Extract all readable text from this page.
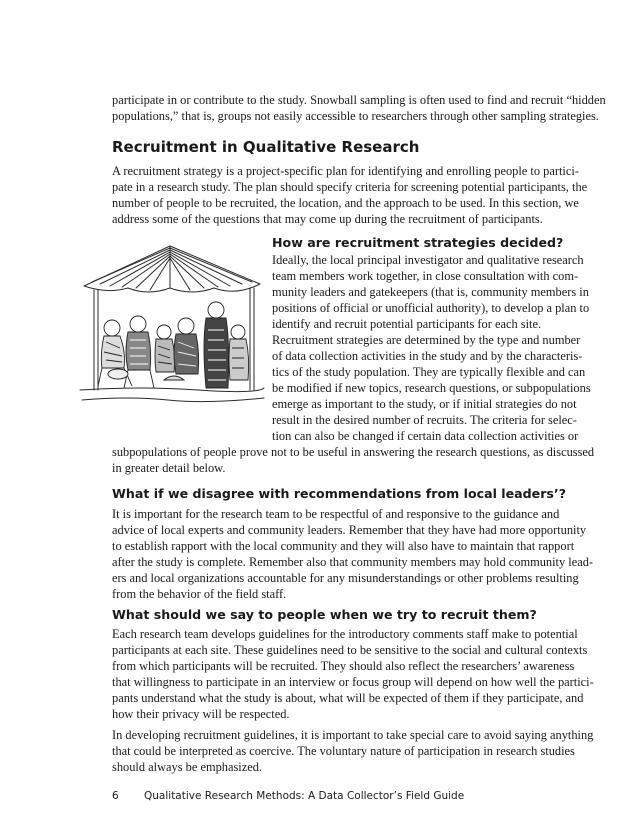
participate in or contribute to the study. Snowball sampling is often used to find and recruit “hidden
populations,” that is, groups not easily accessible to researchers through other sampling strategies.
Recruitment in Qualitative Research
A recruitment strategy is a project-specific plan for identifying and enrolling people to partici-
pate in a research study. The plan should specify criteria for screening potential participants, the
number of people to be recruited, the location, and the approach to be used. In this section, we
address some of the questions that may come up during the recruitment of participants.
How are recruitment strategies decided?
Ideally, the local principal investigator and qualitative research
team members work together, in close consultation with com-
munity leaders and gatekeepers (that is, community members in
positions of official or unofficial authority), to develop a plan to
identify and recruit potential participants for each site.
Recruitment strategies are determined by the type and number
of data collection activities in the study and by the characteris-
tics of the study population. They are typically flexible and can
be modified if new topics, research questions, or subpopulations
emerge as important to the study, or if initial strategies do not
result in the desired number of recruits. The criteria for selec-
tion can also be changed if certain data collection activities or
subpopulations of people prove not to be useful in answering the research questions, as discussed
in greater detail below.
What if we disagree with recommendations from local leaders’?
It is important for the research team to be respectful of and responsive to the guidance and
advice of local experts and community leaders. Remember that they have had more opportunity
to establish rapport with the local community and they will also have to maintain that rapport
after the study is complete. Remember also that community members may hold community lead-
ers and local organizations accountable for any misunderstandings or other problems resulting
from the behavior of the field staff.
What should we say to people when we try to recruit them?
Each research team develops guidelines for the introductory comments staff make to potential
participants at each site. These guidelines need to be sensitive to the social and cultural contexts
from which participants will be recruited. They should also reflect the researchers’ awareness
that willingness to participate in an interview or focus group will depend on how well the partici-
pants understand what the study is about, what will be expected of them if they participate, and
how their privacy will be respected.
In developing recruitment guidelines, it is important to take special care to avoid saying anything
that could be interpreted as coercive. The voluntary nature of participation in research studies
should always be emphasized.
6 Qualitative Research Methods: A Data Collector’s Field Guide
